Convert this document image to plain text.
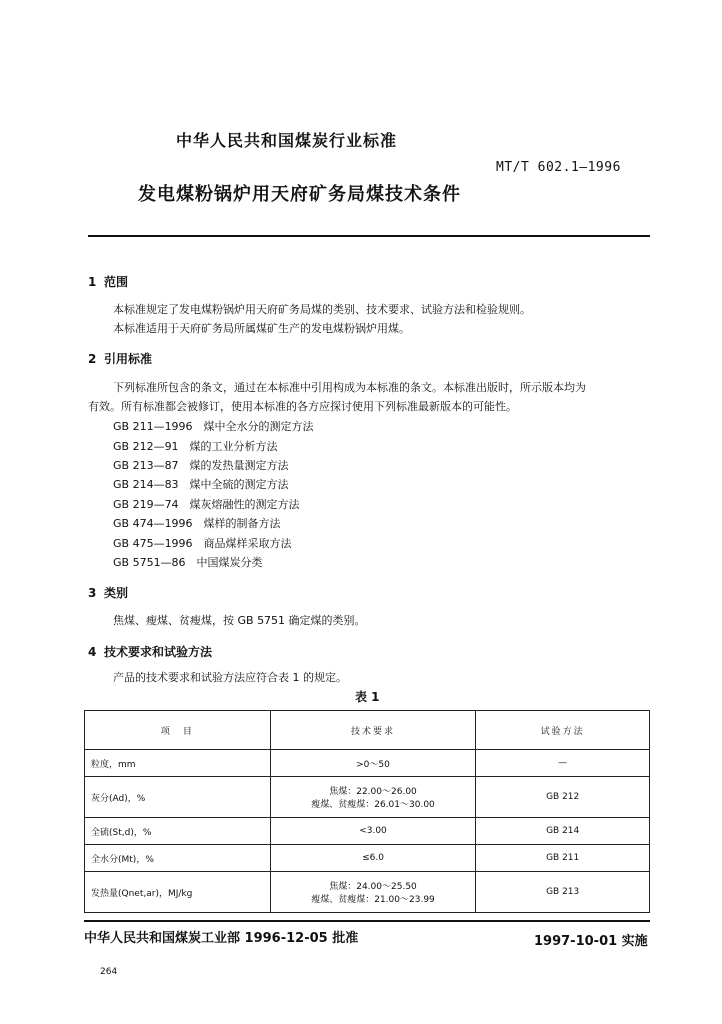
中华人民共和国煤炭行业标准
MT/T 602.1—1996
发电煤粉锅炉用天府矿务局煤技术条件
1 范围
本标准规定了发电煤粉锅炉用天府矿务局煤的类别、技术要求、试验方法和检验规则。
本标准适用于天府矿务局所属煤矿生产的发电煤粉锅炉用煤。
2 引用标准
下列标准所包含的条文，通过在本标准中引用构成为本标准的条文。本标准出版时，所示版本均为
有效。所有标准都会被修订，使用本标准的各方应探讨使用下列标准最新版本的可能性。
GB 211—1996　煤中全水分的测定方法
GB 212—91　煤的工业分析方法
GB 213—87　煤的发热量测定方法
GB 214—83　煤中全硫的测定方法
GB 219—74　煤灰熔融性的测定方法
GB 474—1996　煤样的制备方法
GB 475—1996　商品煤样采取方法
GB 5751—86　中国煤炭分类
3 类别
焦煤、瘦煤、贫瘦煤，按 GB 5751 确定煤的类别。
4 技术要求和试验方法
产品的技术要求和试验方法应符合表 1 的规定。
表 1
项　目	技术要求	试验方法
粒度，mm	>0～50	—
灰分(Ad)，%	焦煤：22.00～26.00
瘦煤、贫瘦煤：26.01～30.00	GB 212
全硫(St,d)，%	<3.00	GB 214
全水分(Mt)，%	≤6.0	GB 211
发热量(Qnet,ar)，MJ/kg	焦煤：24.00～25.50
瘦煤、贫瘦煤：21.00～23.99	GB 213
中华人民共和国煤炭工业部 1996-12-05 批准	1997-10-01 实施
264
